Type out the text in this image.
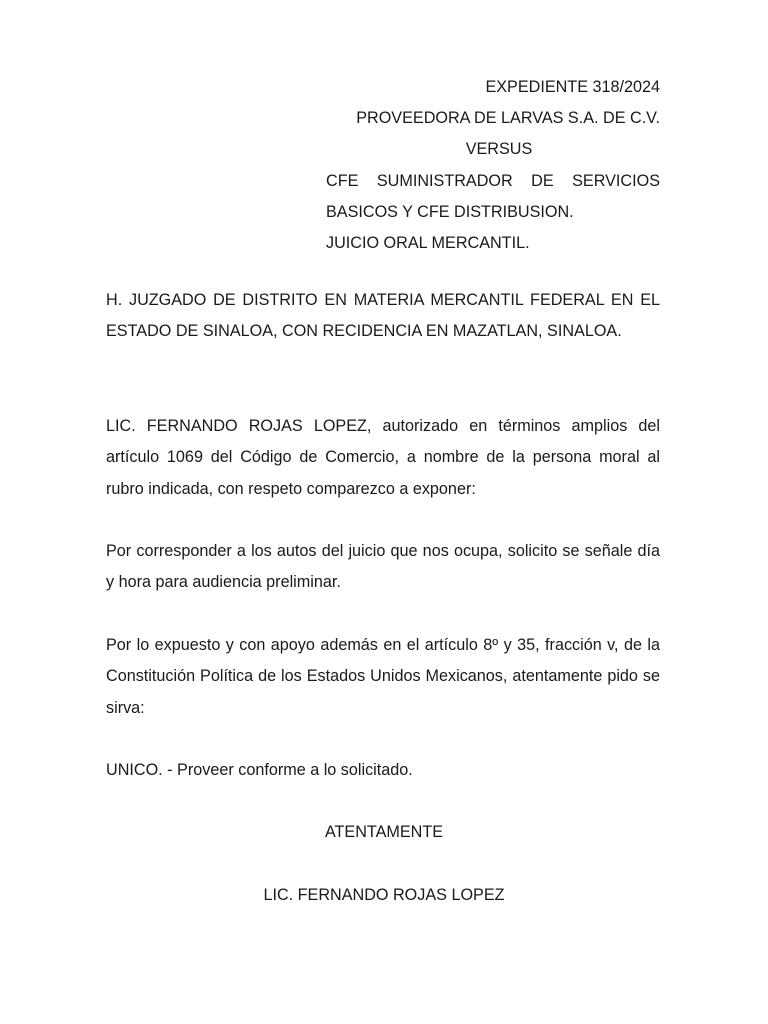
EXPEDIENTE 318/2024
PROVEEDORA DE LARVAS S.A. DE C.V.
VERSUS
CFE SUMINISTRADOR DE SERVICIOS
BASICOS Y CFE DISTRIBUSION.
JUICIO ORAL MERCANTIL.

H. JUZGADO DE DISTRITO EN MATERIA MERCANTIL FEDERAL EN EL ESTADO DE SINALOA, CON RECIDENCIA EN MAZATLAN, SINALOA.

LIC. FERNANDO ROJAS LOPEZ, autorizado en términos amplios del artículo 1069 del Código de Comercio, a nombre de la persona moral al rubro indicada, con respeto comparezco a exponer:

Por corresponder a los autos del juicio que nos ocupa, solicito se señale día y hora para audiencia preliminar.

Por lo expuesto y con apoyo además en el artículo 8º y 35, fracción v, de la Constitución Política de los Estados Unidos Mexicanos, atentamente pido se sirva:

UNICO. - Proveer conforme a lo solicitado.

ATENTAMENTE
LIC. FERNANDO ROJAS LOPEZ
